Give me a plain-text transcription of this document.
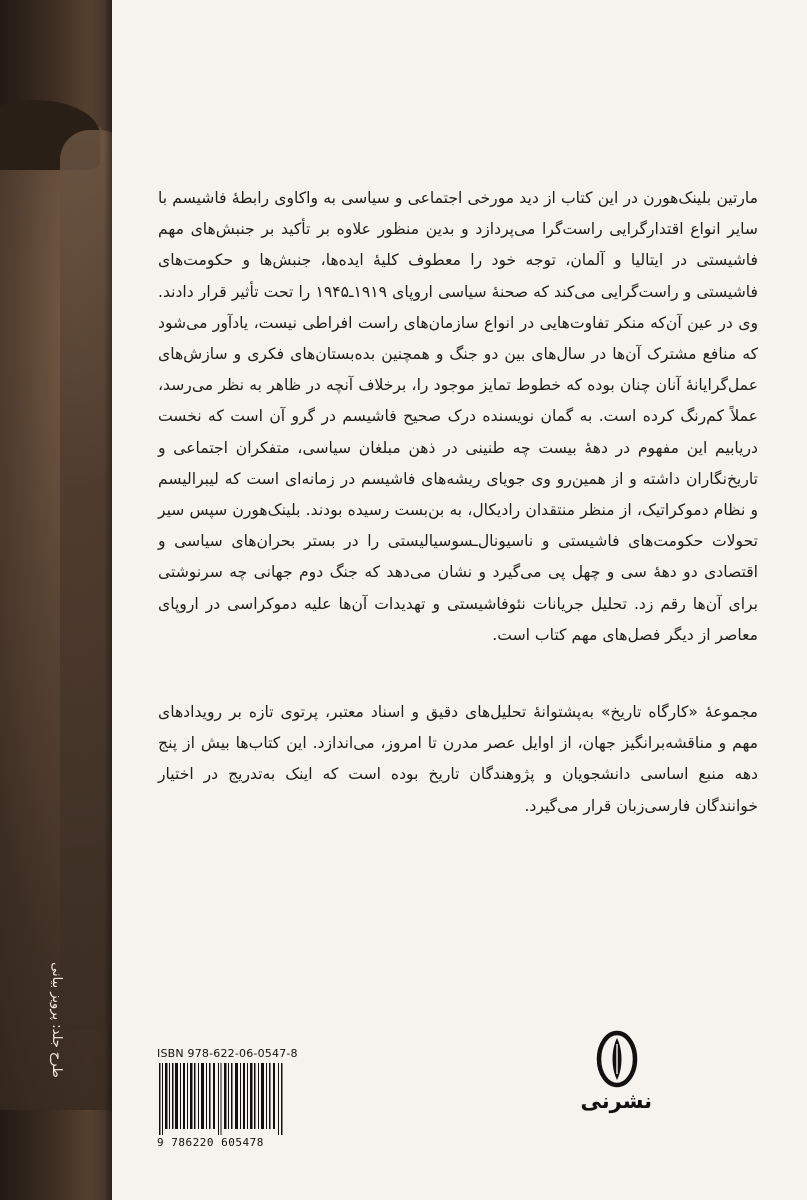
طرح جلد: پرویز بیانی

مارتین بلینک‌هورن در این کتاب از دید مورخی اجتماعی و سیاسی به واکاوی رابطهٔ فاشیسم با سایر انواع اقتدارگرایی راست‌گرا می‌پردازد و بدین منظور علاوه بر تأکید بر جنبش‌های مهم فاشیستی در ایتالیا و آلمان، توجه خود را معطوف کلیهٔ ایده‌ها، جنبش‌ها و حکومت‌های فاشیستی و راست‌گرایی می‌کند که صحنهٔ سیاسی اروپای ۱۹۱۹ـ۱۹۴۵ را تحت تأثیر قرار دادند. وی در عین آن‌که منکر تفاوت‌هایی در انواع سازمان‌های راست افراطی نیست، یادآور می‌شود که منافع مشترک آن‌ها در سال‌های بین دو جنگ و همچنین بده‌بستان‌های فکری و سازش‌های عمل‌گرایانهٔ آنان چنان بوده که خطوط تمایز موجود را، برخلاف آنچه در ظاهر به نظر می‌رسد، عملاً کم‌رنگ کرده است. به گمان نویسنده درک صحیح فاشیسم در گرو آن است که نخست دریابیم این مفهوم در دهۀ بیست چه طنینی در ذهن مبلغان سیاسی، متفکران اجتماعی و تاریخ‌نگاران داشته و از همین‌رو وی جویای ریشه‌های فاشیسم در زمانه‌ای است که لیبرالیسم و نظام دموکراتیک، از منظر منتقدان رادیکال، به بن‌بست رسیده بودند. بلینک‌هورن سپس سیر تحولات حکومت‌های فاشیستی و ناسیونال‌ـسوسیالیستی را در بستر بحران‌های سیاسی و اقتصادی دو دهۀ سی و چهل پی می‌گیرد و نشان می‌دهد که جنگ دوم جهانی چه سرنوشتی برای آن‌ها رقم زد. تحلیل جریانات نئوفاشیستی و تهدیدات آن‌ها علیه دموکراسی در اروپای معاصر از دیگر فصل‌های مهم کتاب است.

مجموعهٔ «کارگاه تاریخ» به‌پشتوانهٔ تحلیل‌های دقیق و اسناد معتبر، پرتوی تازه بر رویدادهای مهم و مناقشه‌برانگیز جهان، از اوایل عصر مدرن تا امروز، می‌اندازد. این کتاب‌ها بیش از پنج دهه منبع اساسی دانشجویان و پژوهندگان تاریخ بوده است که اینک به‌تدریج در اختیار خوانندگان فارسی‌زبان قرار می‌گیرد.

ISBN 978-622-06-0547-8
9 786220 605478
نشرنی
